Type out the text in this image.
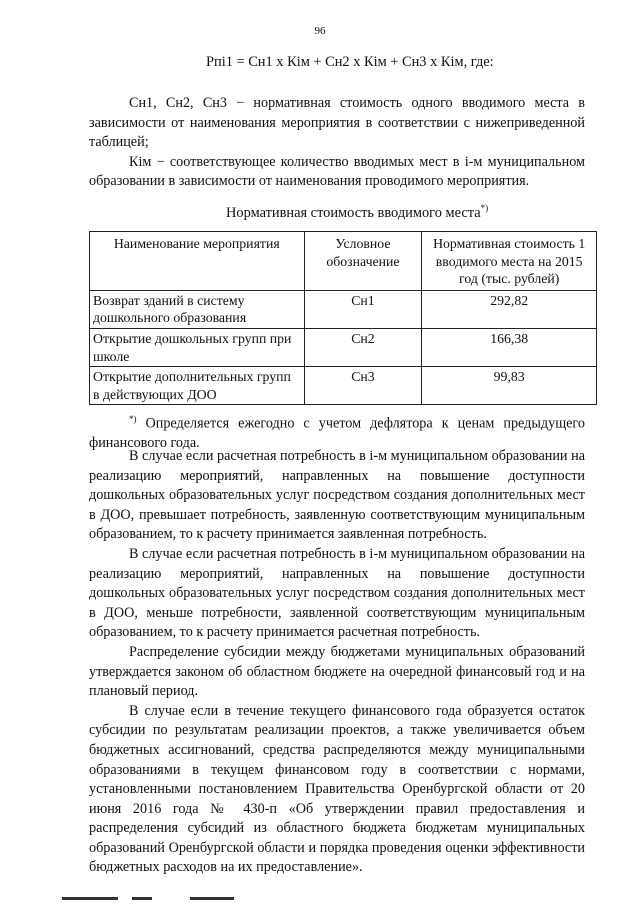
96
Рпі1 = Сн1 х Кім + Сн2 х Кім + Сн3 х Кім, где:

Сн1, Сн2, Сн3 − нормативная стоимость одного вводимого места в зависимости от наименования мероприятия в соответствии с нижеприведенной таблицей;

Кім − соответствующее количество вводимых мест в і-м муниципальном образовании в зависимости от наименования проводимого мероприятия.

Нормативная стоимость вводимого места*)
Наименование мероприятия	Условное обозначение	Нормативная стоимость 1 вводимого места на 2015 год (тыс. рублей)
Возврат зданий в систему дошкольного образования	Сн1	292,82
Открытие дошкольных групп при школе	Сн2	166,38
Открытие дополнительных групп в действующих ДОО	Сн3	99,83

*) Определяется ежегодно с учетом дефлятора к ценам предыдущего финансового года.

В случае если расчетная потребность в і-м муниципальном образовании на реализацию мероприятий, направленных на повышение доступности дошкольных образовательных услуг посредством создания дополнительных мест в ДОО, превышает потребность, заявленную соответствующим муниципальным образованием, то к расчету принимается заявленная потребность.

В случае если расчетная потребность в і-м муниципальном образовании на реализацию мероприятий, направленных на повышение доступности дошкольных образовательных услуг посредством создания дополнительных мест в ДОО, меньше потребности, заявленной соответствующим муниципальным образованием, то к расчету принимается расчетная потребность.

Распределение субсидии между бюджетами муниципальных образований утверждается законом об областном бюджете на очередной финансовый год и на плановый период.

В случае если в течение текущего финансового года образуется остаток субсидии по результатам реализации проектов, а также увеличивается объем бюджетных ассигнований, средства распределяются между муниципальными образованиями в текущем финансовом году в соответствии с нормами, установленными постановлением Правительства Оренбургской области от 20 июня 2016 года № 430-п «Об утверждении правил предоставления и распределения субсидий из областного бюджета бюджетам муниципальных образований Оренбургской области и порядка проведения оценки эффективности бюджетных расходов на их предоставление».
